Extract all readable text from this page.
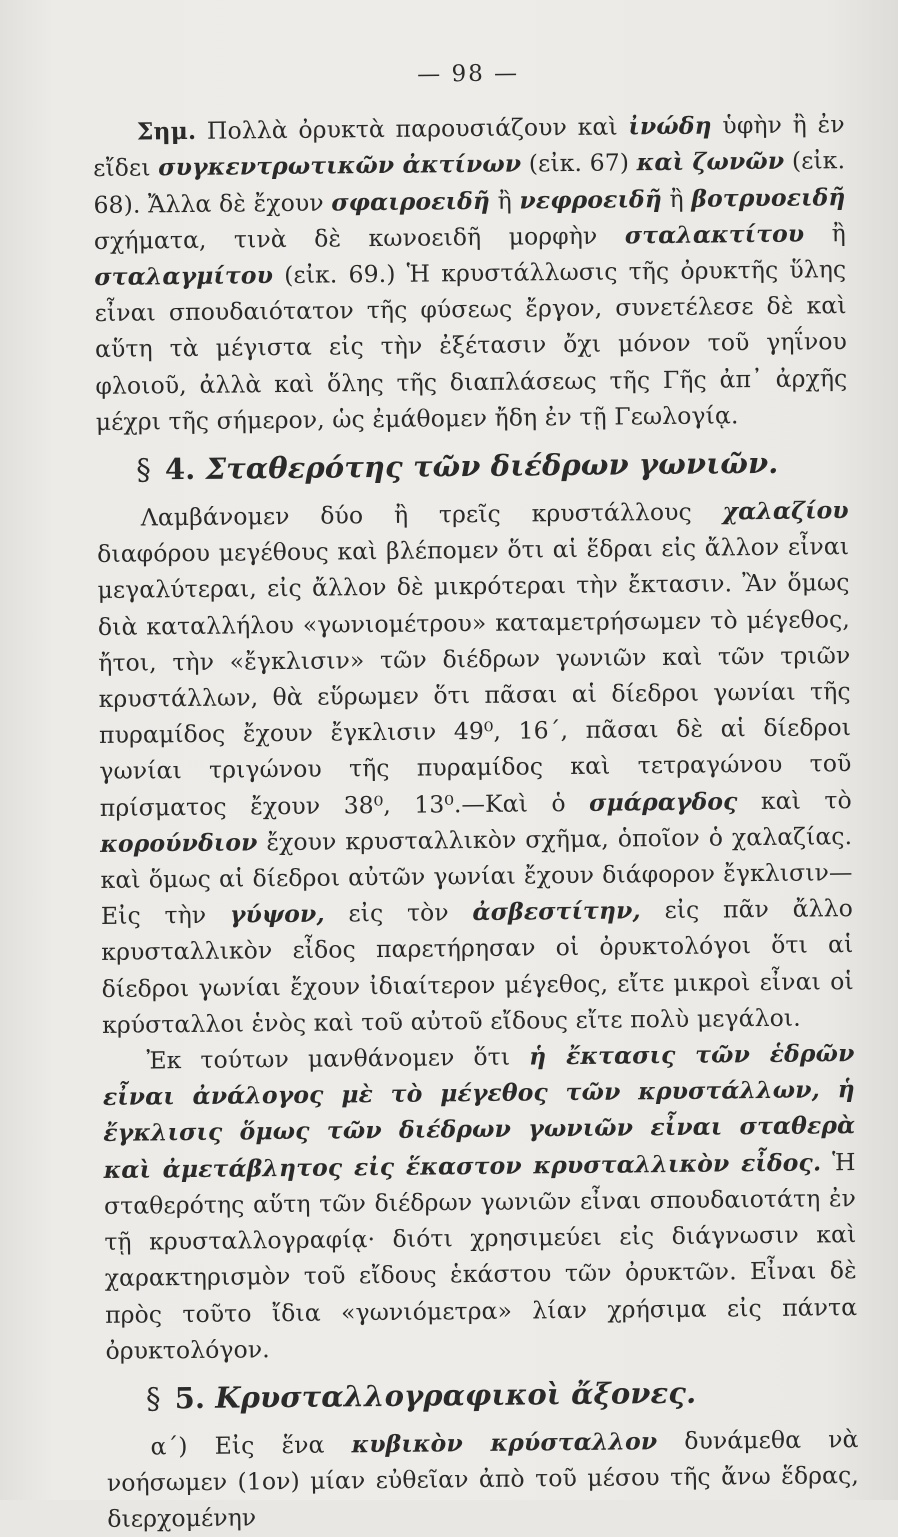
— 98 —

Σημ. Πολλὰ ὀρυκτὰ παρουσιάζουν καὶ ἰνώδη ὑφὴν ἢ ἐν εἴδει συγκεντρωτικῶν ἀκτίνων (εἰκ. 67) καὶ ζωνῶν (εἰκ. 68). Ἄλλα δὲ ἔχουν σφαιροειδῆ ἢ νεφροειδῆ ἢ βοτρυοειδῆ σχήματα, τινὰ δὲ κωνοειδῆ μορφὴν σταλακτίτου ἢ σταλαγμίτου (εἰκ. 69.) Ἡ κρυστάλλωσις τῆς ὀρυκτῆς ὕλης εἶναι σπουδαιότατον τῆς φύσεως ἔργον, συνετέλεσε δὲ καὶ αὕτη τὰ μέγιστα εἰς τὴν ἐξέτασιν ὄχι μόνον τοῦ γηΐνου φλοιοῦ, ἀλλὰ καὶ ὅλης τῆς διαπλάσεως τῆς Γῆς ἀπ᾽ ἀρχῆς μέχρι τῆς σήμερον, ὡς ἐμάθομεν ἤδη ἐν τῇ Γεωλογίᾳ.

§ 4. Σταθερότης τῶν διέδρων γωνιῶν.

Λαμβάνομεν δύο ἢ τρεῖς κρυστάλλους χαλαζίου διαφόρου μεγέθους καὶ βλέπομεν ὅτι αἱ ἕδραι εἰς ἄλλον εἶναι μεγαλύτεραι, εἰς ἄλλον δὲ μικρότεραι τὴν ἔκτασιν. Ἂν ὅμως διὰ καταλλήλου «γωνιομέτρου» καταμετρήσωμεν τὸ μέγεθος, ἤτοι, τὴν «ἔγκλισιν» τῶν διέδρων γωνιῶν καὶ τῶν τριῶν κρυστάλλων, θὰ εὕρωμεν ὅτι πᾶσαι αἱ δίεδροι γωνίαι τῆς πυραμίδος ἔχουν ἔγκλισιν 49⁰, 16´, πᾶσαι δὲ αἱ δίεδροι γωνίαι τριγώνου τῆς πυραμίδος καὶ τετραγώνου τοῦ πρίσματος ἔχουν 38⁰, 13⁰.—Καὶ ὁ σμάραγδος καὶ τὸ κορούνδιον ἔχουν κρυσταλλικὸν σχῆμα, ὁποῖον ὁ χαλαζίας. καὶ ὅμως αἱ δίεδροι αὐτῶν γωνίαι ἔχουν διάφορον ἔγκλισιν—Εἰς τὴν γύψον, εἰς τὸν ἀσβεστίτην, εἰς πᾶν ἄλλο κρυσταλλικὸν εἶδος παρετήρησαν οἱ ὀρυκτολόγοι ὅτι αἱ δίεδροι γωνίαι ἔχουν ἰδιαίτερον μέγεθος, εἴτε μικροὶ εἶναι οἱ κρύσταλλοι ἑνὸς καὶ τοῦ αὐτοῦ εἴδους εἴτε πολὺ μεγάλοι.

Ἐκ τούτων μανθάνομεν ὅτι ἡ ἔκτασις τῶν ἑδρῶν εἶναι ἀνάλογος μὲ τὸ μέγεθος τῶν κρυστάλλων, ἡ ἔγκλισις ὅμως τῶν διέδρων γωνιῶν εἶναι σταθερὰ καὶ ἀμετάβλητος εἰς ἕκαστον κρυσταλλικὸν εἶδος. Ἡ σταθερότης αὕτη τῶν διέδρων γωνιῶν εἶναι σπουδαιοτάτη ἐν τῇ κρυσταλλογραφίᾳ· διότι χρησιμεύει εἰς διάγνωσιν καὶ χαρακτηρισμὸν τοῦ εἴδους ἑκάστου τῶν ὀρυκτῶν. Εἶναι δὲ πρὸς τοῦτο ἴδια «γωνιόμετρα» λίαν χρήσιμα εἰς πάντα ὀρυκτολόγον.

§ 5. Κρυσταλλογραφικοὶ ἄξονες.

α´) Εἰς ἕνα κυβικὸν κρύσταλλον δυνάμεθα νὰ νοήσωμεν (1ον) μίαν εὐθεῖαν ἀπὸ τοῦ μέσου τῆς ἄνω ἕδρας, διερχομένην
